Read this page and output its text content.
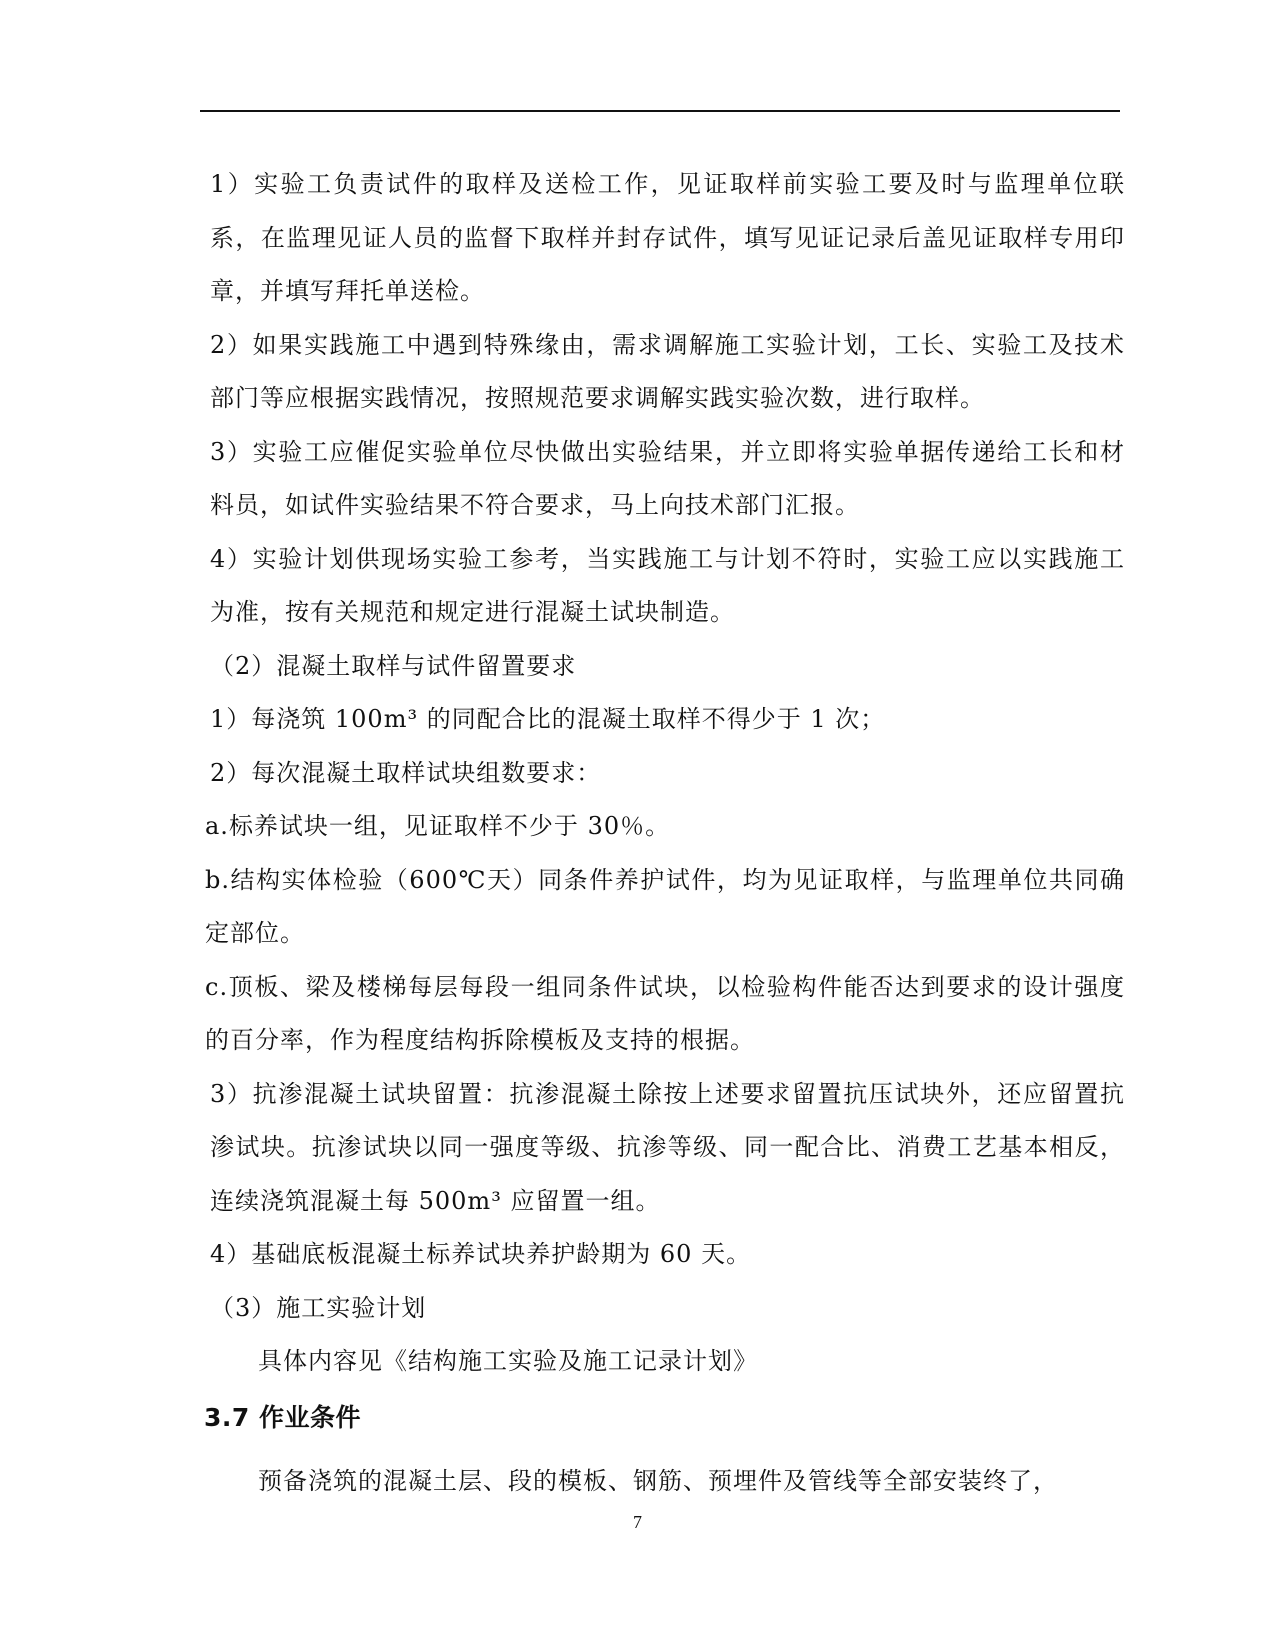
1）实验工负责试件的取样及送检工作，见证取样前实验工要及时与监理单位联系，在监理见证人员的监督下取样并封存试件，填写见证记录后盖见证取样专用印章，并填写拜托单送检。

2）如果实践施工中遇到特殊缘由，需求调解施工实验计划，工长、实验工及技术部门等应根据实践情况，按照规范要求调解实践实验次数，进行取样。

3）实验工应催促实验单位尽快做出实验结果，并立即将实验单据传递给工长和材料员，如试件实验结果不符合要求，马上向技术部门汇报。

4）实验计划供现场实验工参考，当实践施工与计划不符时，实验工应以实践施工为准，按有关规范和规定进行混凝土试块制造。

（2）混凝土取样与试件留置要求

1）每浇筑 100m³ 的同配合比的混凝土取样不得少于 1 次；

2）每次混凝土取样试块组数要求：

a.标养试块一组，见证取样不少于 30％。

b.结构实体检验（600℃天）同条件养护试件，均为见证取样，与监理单位共同确定部位。

c.顶板、梁及楼梯每层每段一组同条件试块，以检验构件能否达到要求的设计强度的百分率，作为程度结构拆除模板及支持的根据。

3）抗渗混凝土试块留置：抗渗混凝土除按上述要求留置抗压试块外，还应留置抗渗试块。抗渗试块以同一强度等级、抗渗等级、同一配合比、消费工艺基本相反，连续浇筑混凝土每 500m³ 应留置一组。

4）基础底板混凝土标养试块养护龄期为 60 天。

（3）施工实验计划

具体内容见《结构施工实验及施工记录计划》

3.7 作业条件

预备浇筑的混凝土层、段的模板、钢筋、预埋件及管线等全部安装终了，

7
